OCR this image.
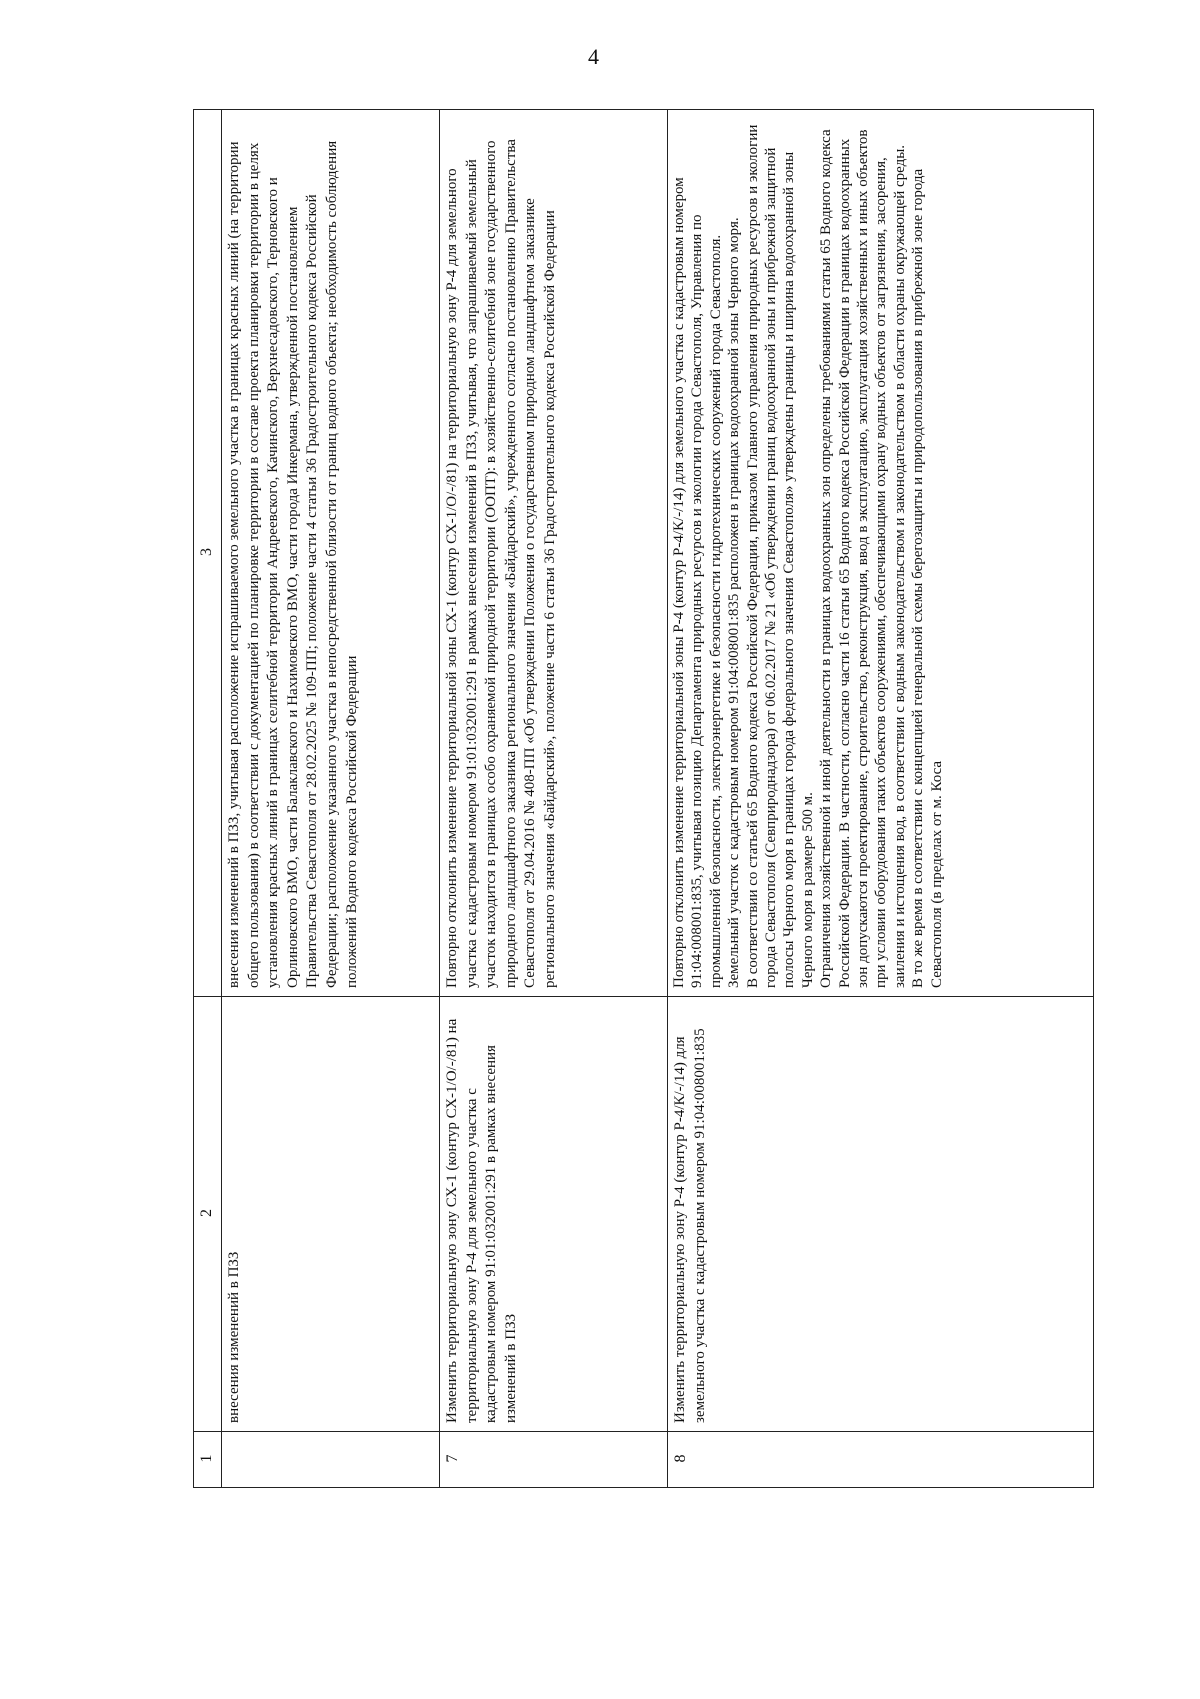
4
1	2	3
	внесения изменений в ПЗЗ	внесения изменений в ПЗЗ, учитывая расположение испрашиваемого земельного участка в границах красных линий (на территории общего пользования) в соответствии с документацией по планировке территории в составе проекта планировки территории в целях установления красных линий в границах селитебной территории Андреевского, Качинского, Верхнесадовского, Терновского и Орлиновского ВМО, части Балаклавского и Нахимовского ВМО, части города Инкермана, утвержденной постановлением Правительства Севастополя от 28.02.2025 № 109-ПП; положение части 4 статьи 36 Градостроительного кодекса Российской Федерации; расположение указанного участка в непосредственной близости от границ водного объекта; необходимость соблюдения положений Водного кодекса Российской Федерации
7	Изменить территориальную зону СХ-1 (контур СХ-1/О/-/81) на территориальную зону Р-4 для земельного участка с кадастровым номером 91:01:032001:291 в рамках внесения изменений в ПЗЗ	Повторно отклонить изменение территориальной зоны СХ-1 (контур СХ-1/О/-/81) на территориальную зону Р-4 для земельного участка с кадастровым номером 91:01:032001:291 в рамках внесения изменений в ПЗЗ, учитывая, что запрашиваемый земельный участок находится в границах особо охраняемой природной территории (ООПТ): в хозяйственно-селитебной зоне государственного природного ландшафтного заказника регионального значения «Байдарский», учрежденного согласно постановлению Правительства Севастополя от 29.04.2016 № 408-ПП «Об утверждении Положения о государственном природном ландшафтном заказнике регионального значения «Байдарский», положение части 6 статьи 36 Градостроительного кодекса Российской Федерации
8	Изменить территориальную зону Р-4 (контур Р-4/К/-/14) для земельного участка с кадастровым номером 91:04:008001:835	Повторно отклонить изменение территориальной зоны Р-4 (контур Р-4/К/-/14) для земельного участка с кадастровым номером 91:04:008001:835, учитывая позицию Департамента природных ресурсов и экологии города Севастополя, Управления по промышленной безопасности, электроэнергетике и безопасности гидротехнических сооружений города Севастополя.
Земельный участок с кадастровым номером 91:04:008001:835 расположен в границах водоохранной зоны Черного моря.
В соответствии со статьей 65 Водного кодекса Российской Федерации, приказом Главного управления природных ресурсов и экологии города Севастополя (Севприроднадзора) от 06.02.2017 № 21 «Об утверждении границ водоохранной зоны и прибрежной защитной полосы Черного моря в границах города федерального значения Севастополя» утверждены границы и ширина водоохранной зоны Черного моря в размере 500 м.
Ограничения хозяйственной и иной деятельности в границах водоохранных зон определены требованиями статьи 65 Водного кодекса Российской Федерации. В частности, согласно части 16 статьи 65 Водного кодекса Российской Федерации в границах водоохранных зон допускаются проектирование, строительство, реконструкция, ввод в эксплуатацию, эксплуатация хозяйственных и иных объектов при условии оборудования таких объектов сооружениями, обеспечивающими охрану водных объектов от загрязнения, засорения, заиления и истощения вод, в соответствии с водным законодательством и законодательством в области охраны окружающей среды.
В то же время в соответствии с концепцией генеральной схемы берегозащиты и природопользования в прибрежной зоне города Севастополя (в пределах от м. Коса
